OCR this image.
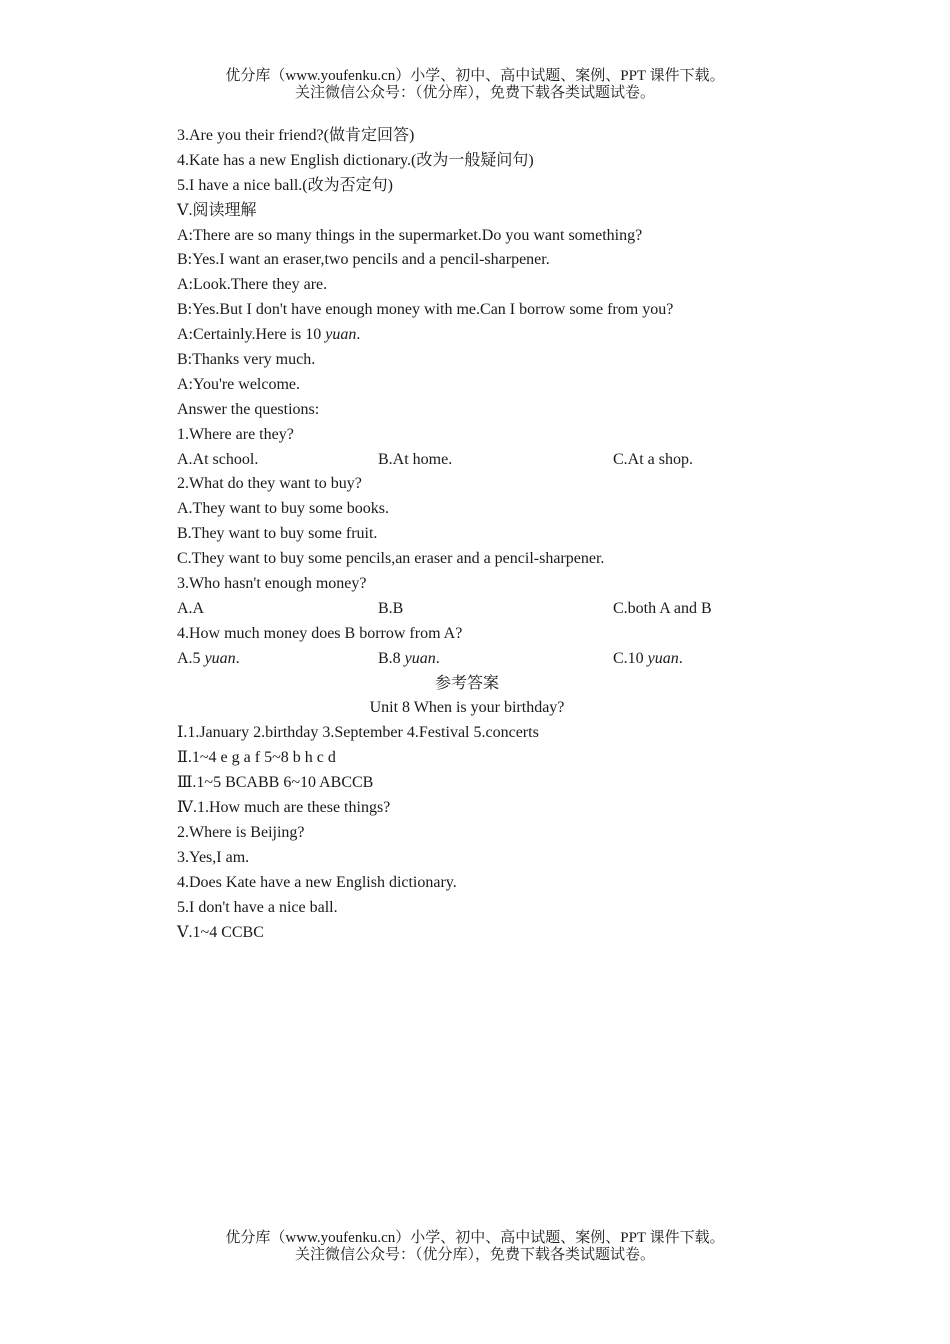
优分库（www.youfenku.cn）小学、初中、高中试题、案例、PPT 课件下载。
关注微信公众号：（优分库），免费下载各类试题试卷。
3.Are you their friend?(做肯定回答)
4.Kate has a new English dictionary.(改为一般疑问句)
5.I have a nice ball.(改为否定句)
Ⅴ.阅读理解
A:There are so many things in the supermarket.Do you want something?
B:Yes.I want an eraser,two pencils and a pencil-sharpener.
A:Look.There they are.
B:Yes.But I don't have enough money with me.Can I borrow some from you?
A:Certainly.Here is 10 yuan.
B:Thanks very much.
A:You're welcome.
Answer the questions:
1.Where are they?
A.At school.	B.At home.	C.At a shop.
2.What do they want to buy?
A.They want to buy some books.
B.They want to buy some fruit.
C.They want to buy some pencils,an eraser and a pencil-sharpener.
3.Who hasn't enough money?
A.A	B.B	C.both A and B
4.How much money does B borrow from A?
A.5 yuan.	B.8 yuan.	C.10 yuan.
参考答案
Unit 8 When is your birthday?
Ⅰ.1.January 2.birthday 3.September 4.Festival 5.concerts
Ⅱ.1~4 e g a f 5~8 b h c d
Ⅲ.1~5 BCABB 6~10 ABCCB
Ⅳ.1.How much are these things?
2.Where is Beijing?
3.Yes,I am.
4.Does Kate have a new English dictionary.
5.I don't have a nice ball.
Ⅴ.1~4 CCBC
优分库（www.youfenku.cn）小学、初中、高中试题、案例、PPT 课件下载。
关注微信公众号：（优分库），免费下载各类试题试卷。
